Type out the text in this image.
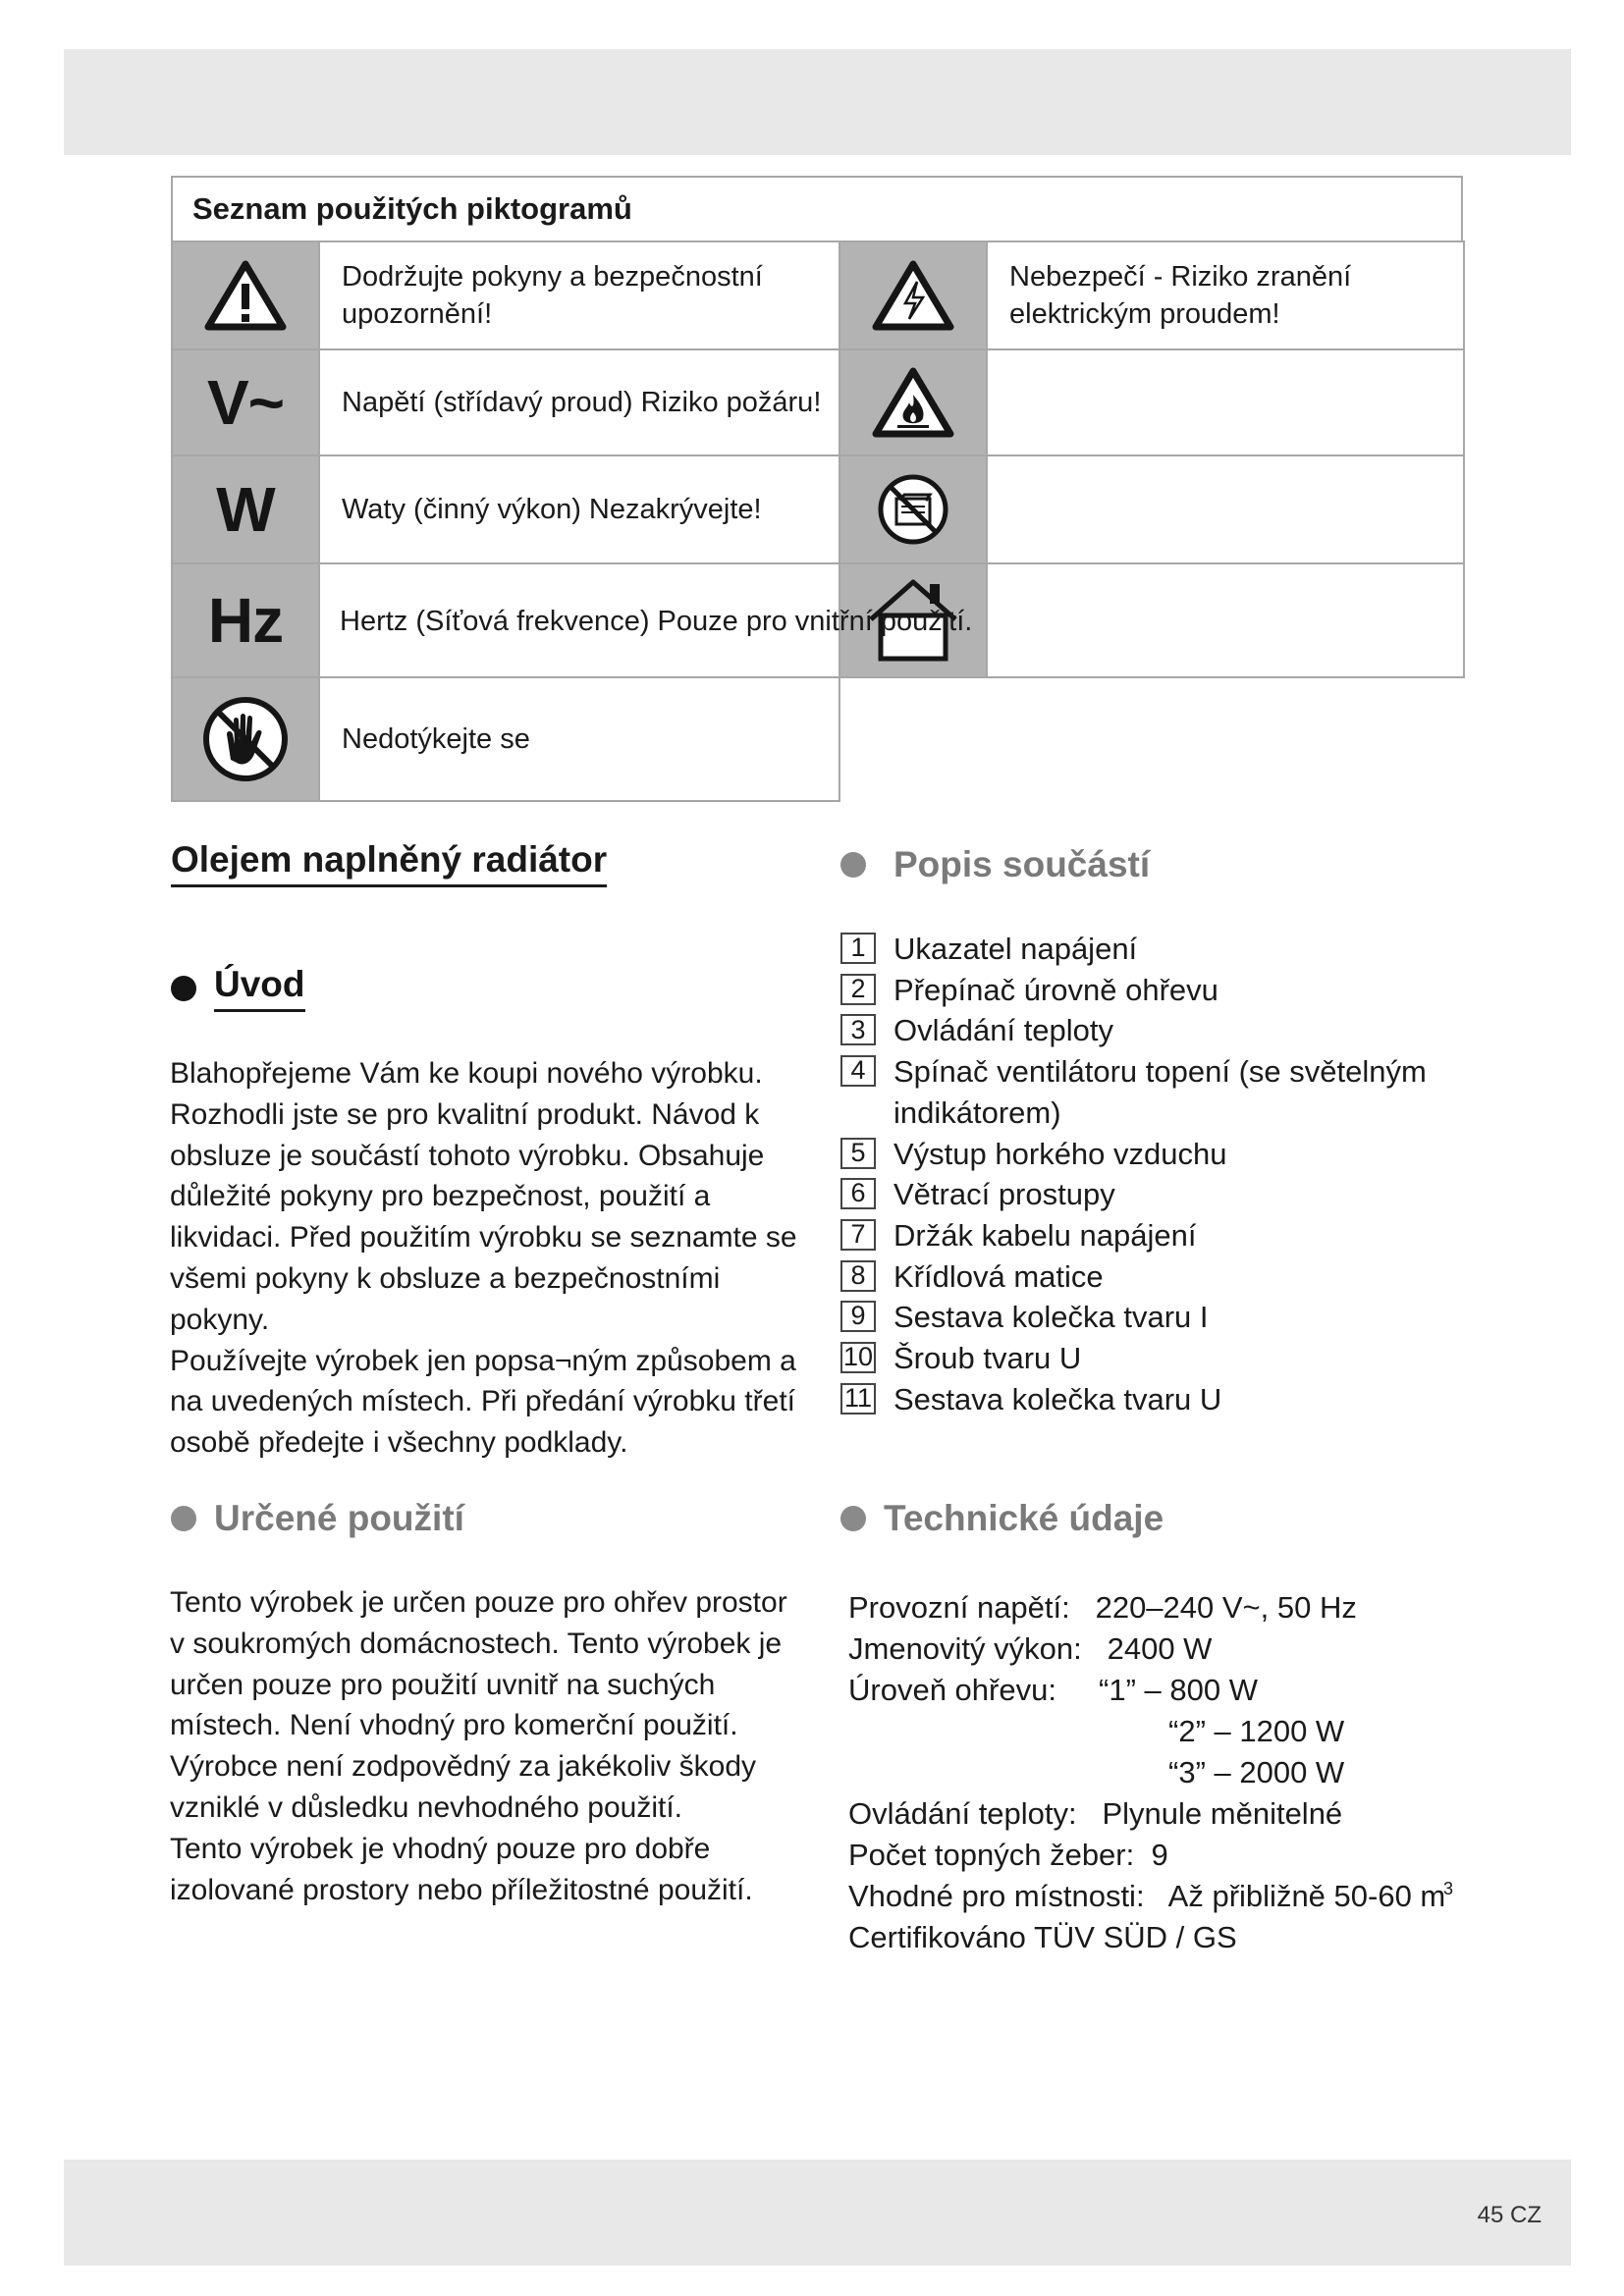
Seznam použitých piktogramů
Dodržujte pokyny a bezpečnostní upozornění!
Nebezpečí - Riziko zranění elektrickým proudem!
V~	Napětí (střídavý proud) Riziko požáru!
W	Waty (činný výkon) Nezakrývejte!
Hz Hertz (Síťová frekvence) Pouze pro vnitřní použití.
Nedotýkejte se
Olejem naplněný radiátor
Úvod
Blahopřejeme Vám ke koupi nového výrobku.
Rozhodli jste se pro kvalitní produkt. Návod k
obsluze je součástí tohoto výrobku. Obsahuje
důležité pokyny pro bezpečnost, použití a
likvidaci. Před použitím výrobku se seznamte se
všemi pokyny k obsluze a bezpečnostními pokyny.
Používejte výrobek jen popsa¬ným způsobem a
na uvedených místech. Při předání výrobku třetí
osobě předejte i všechny podklady.
Určené použití
Tento výrobek je určen pouze pro ohřev prostor
v soukromých domácnostech. Tento výrobek je
určen pouze pro použití uvnitř na suchých
místech. Není vhodný pro komerční použití.
Výrobce není zodpovědný za jakékoliv škody
vzniklé v důsledku nevhodného použití.
Tento výrobek je vhodný pouze pro dobře
izolované prostory nebo příležitostné použití.
Popis součástí
1 Ukazatel napájení
2 Přepínač úrovně ohřevu
3 Ovládání teploty
4 Spínač ventilátoru topení (se světelným indikátorem)
5 Výstup horkého vzduchu
6 Větrací prostupy
7 Držák kabelu napájení
8 Křídlová matice
9 Sestava kolečka tvaru I
10 Šroub tvaru U
11 Sestava kolečka tvaru U
Technické údaje
Provozní napětí:   220–240 V~, 50 Hz
Jmenovitý výkon:   2400 W
Úroveň ohřevu:     “1” – 800 W
“2” – 1200 W
“3” – 2000 W
Ovládání teploty:   Plynule měnitelné
Počet topných žeber:  9
Vhodné pro místnosti:   Až přibližně 50-60 m
3
Certifikováno TÜV SÜD / GS
45 CZ
